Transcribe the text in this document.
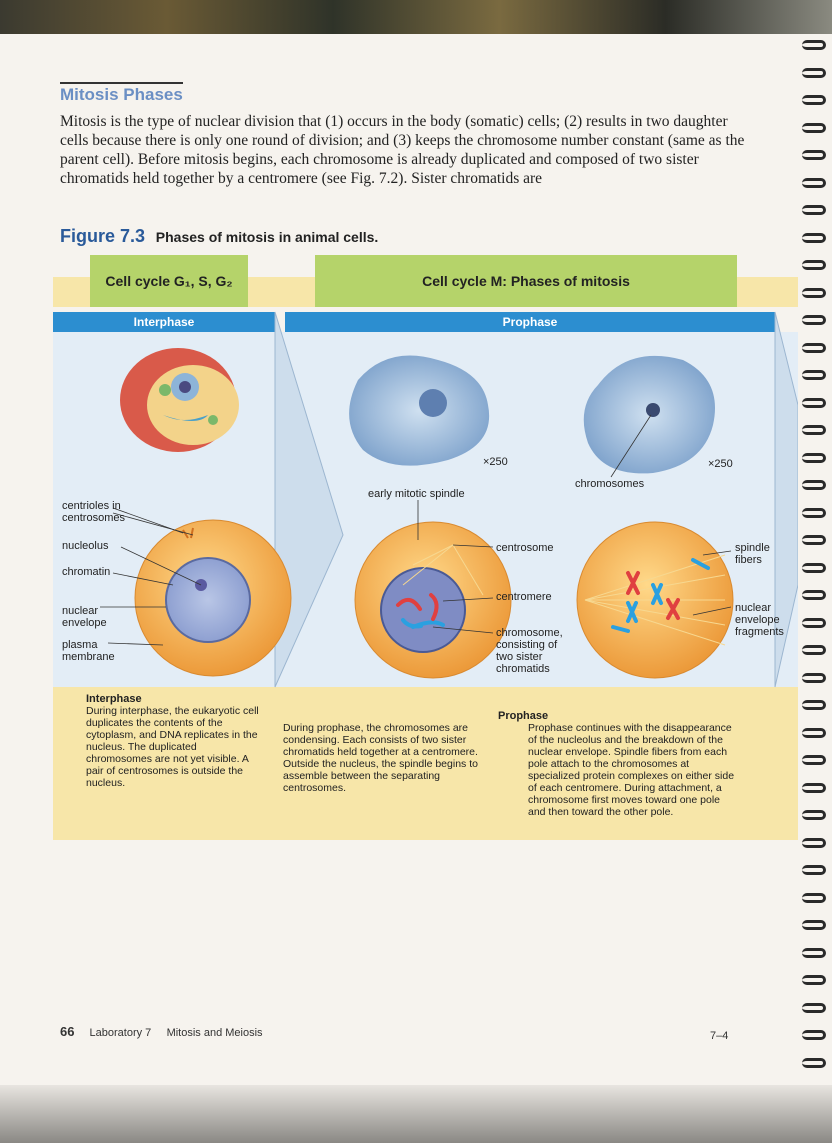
Mitosis Phases

Mitosis is the type of nuclear division that (1) occurs in the body (somatic) cells; (2) results in two daughter cells because there is only one round of division; and (3) keeps the chromosome number constant (same as the parent cell). Before mitosis begins, each chromosome is already duplicated and composed of two sister chromatids held together by a centromere (see Fig. 7.2). Sister chromatids are

Figure 7.3 Phases of mitosis in animal cells.
Cell cycle G₁, S, G₂	Cell cycle M: Phases of mitosis
Interphase	Prophase
centrioles in
centrosomes
nucleolus
chromatin
nuclear
envelope
plasma
membrane
×250	×250
early mitotic spindle
centrosome
centromere
chromosome,
consisting of
two sister
chromatids
chromosomes
spindle
fibers
nuclear
envelope
fragments
Interphase
During interphase, the eukaryotic cell duplicates the contents of the cytoplasm, and DNA replicates in the nucleus. The duplicated chromosomes are not yet visible. A pair of centrosomes is outside the nucleus.
Prophase
During prophase, the chromosomes are condensing. Each consists of two sister chromatids held together at a centromere. Outside the nucleus, the spindle begins to assemble between the separating centrosomes.
Prophase continues with the disappearance of the nucleolus and the breakdown of the nuclear envelope. Spindle fibers from each pole attach to the chromosomes at specialized protein complexes on either side of each centromere. During attachment, a chromosome first moves toward one pole and then toward the other pole.
66 Laboratory 7 Mitosis and Meiosis	7–4
